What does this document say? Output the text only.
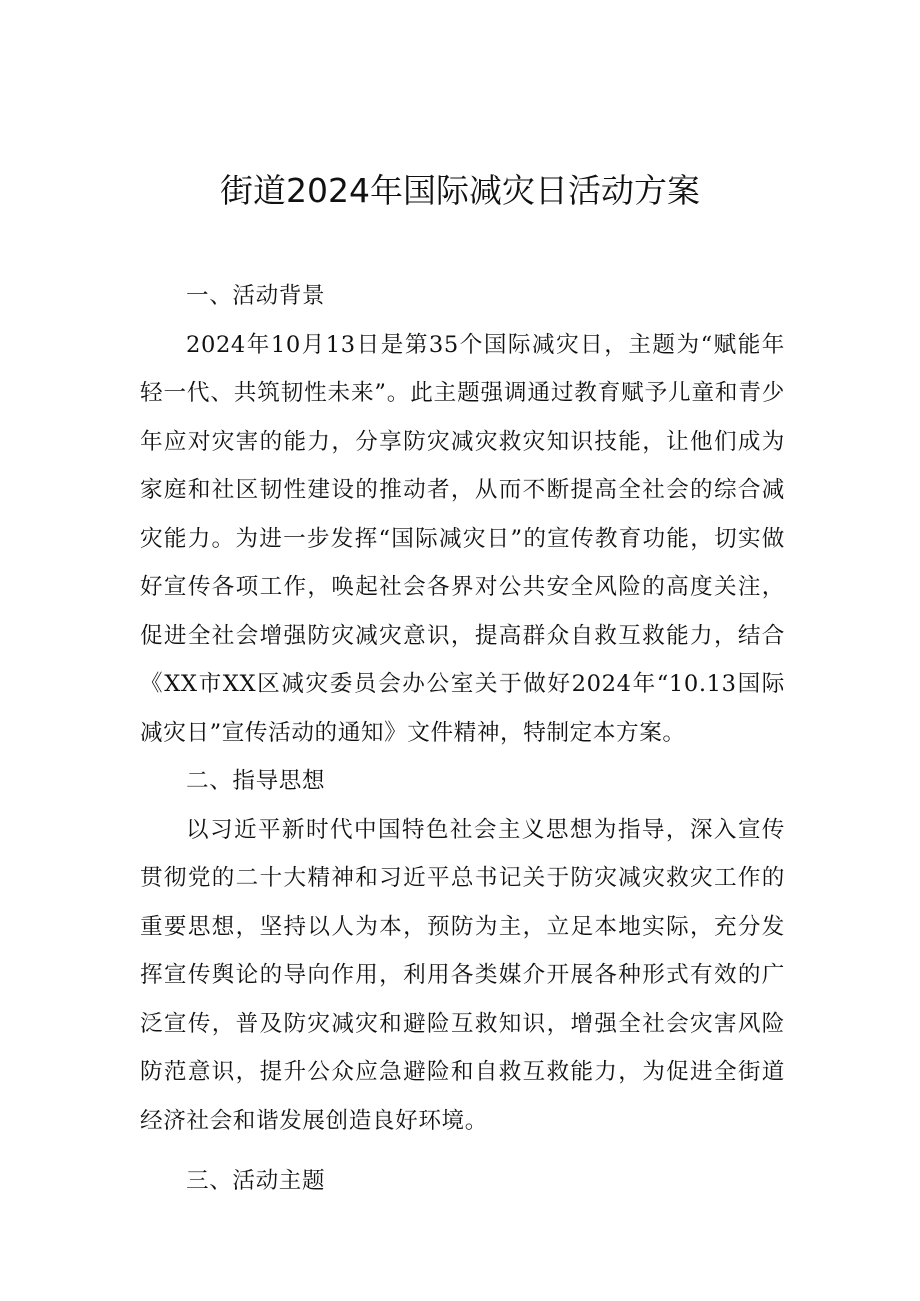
街道2024年国际减灾日活动方案
一、活动背景

2024年10月13日是第35个国际减灾日，主题为“赋能年轻一代、共筑韧性未来”。此主题强调通过教育赋予儿童和青少年应对灾害的能力，分享防灾减灾救灾知识技能，让他们成为家庭和社区韧性建设的推动者，从而不断提高全社会的综合减灾能力。为进一步发挥“国际减灾日”的宣传教育功能，切实做好宣传各项工作，唤起社会各界对公共安全风险的高度关注，促进全社会增强防灾减灾意识，提高群众自救互救能力，结合《XX市XX区减灾委员会办公室关于做好2024年“10.13国际减灾日”宣传活动的通知》文件精神，特制定本方案。

二、指导思想

以习近平新时代中国特色社会主义思想为指导，深入宣传贯彻党的二十大精神和习近平总书记关于防灾减灾救灾工作的重要思想，坚持以人为本，预防为主，立足本地实际，充分发挥宣传舆论的导向作用，利用各类媒介开展各种形式有效的广泛宣传，普及防灾减灾和避险互救知识，增强全社会灾害风险防范意识，提升公众应急避险和自救互救能力，为促进全街道经济社会和谐发展创造良好环境。

三、活动主题
